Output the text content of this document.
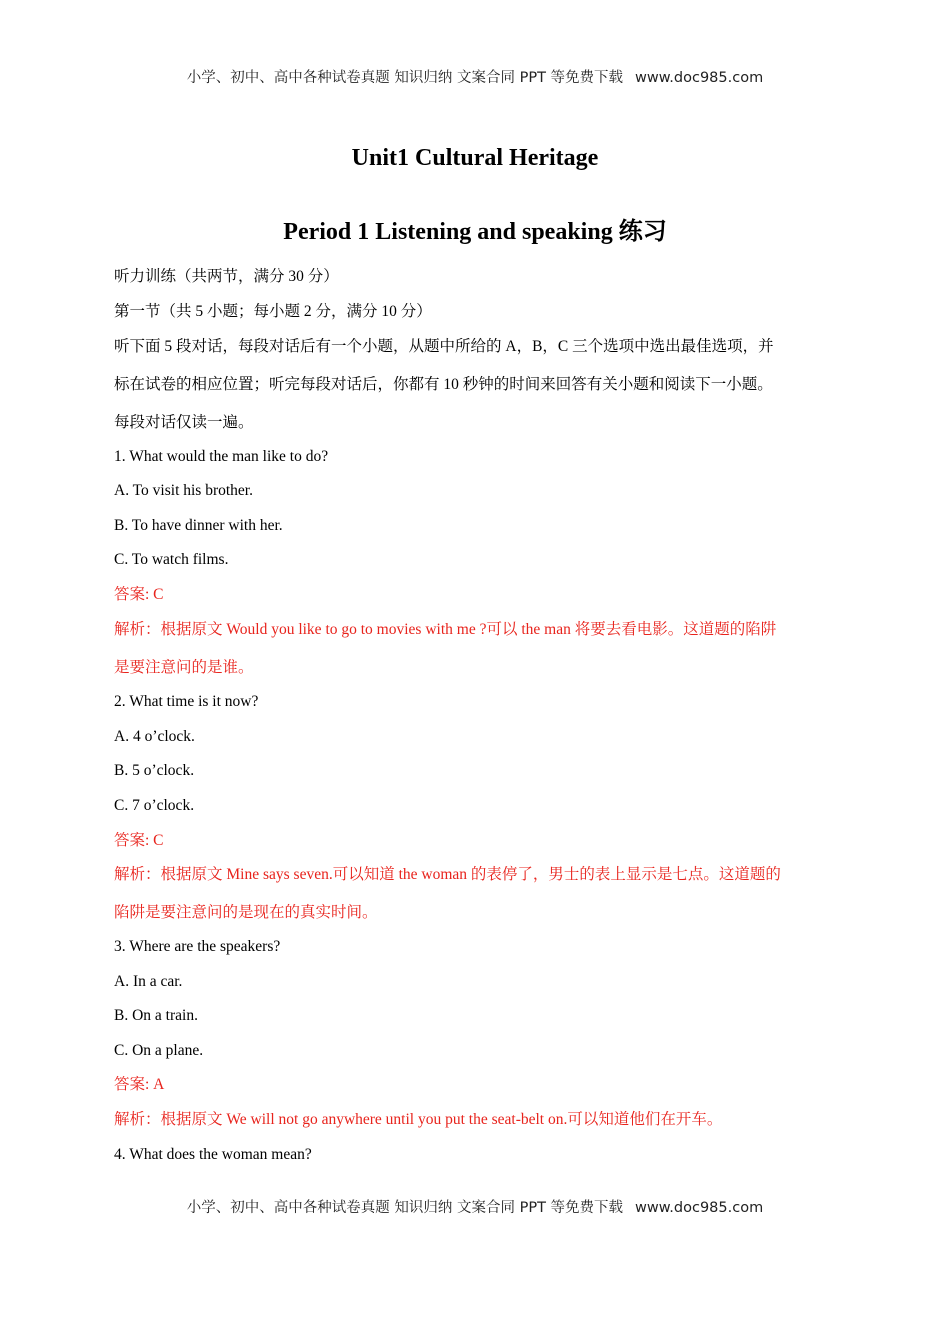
小学、初中、高中各种试卷真题 知识归纳 文案合同 PPT 等免费下载 www.doc985.com
Unit1 Cultural Heritage
Period 1 Listening and speaking 练习
听力训练（共两节，满分 30 分）
第一节（共 5 小题；每小题 2 分，满分 10 分）
听下面 5 段对话，每段对话后有一个小题，从题中所给的 A，B，C 三个选项中选出最佳选项，并
标在试卷的相应位置；听完每段对话后，你都有 10 秒钟的时间来回答有关小题和阅读下一小题。
每段对话仅读一遍。
1. What would the man like to do?
A. To visit his brother.
B. To have dinner with her.
C. To watch films.
答案: C
解析：根据原文 Would you like to go to movies with me ?可以 the man 将要去看电影。这道题的陷阱
是要注意问的是谁。
2. What time is it now?
A. 4 o’clock.
B. 5 o’clock.
C. 7 o’clock.
答案: C
解析：根据原文 Mine says seven.可以知道 the woman 的表停了，男士的表上显示是七点。这道题的
陷阱是要注意问的是现在的真实时间。
3. Where are the speakers?
A. In a car.
B. On a train.
C. On a plane.
答案: A
解析：根据原文 We will not go anywhere until you put the seat-belt on.可以知道他们在开车。
4. What does the woman mean?
小学、初中、高中各种试卷真题 知识归纳 文案合同 PPT 等免费下载 www.doc985.com
